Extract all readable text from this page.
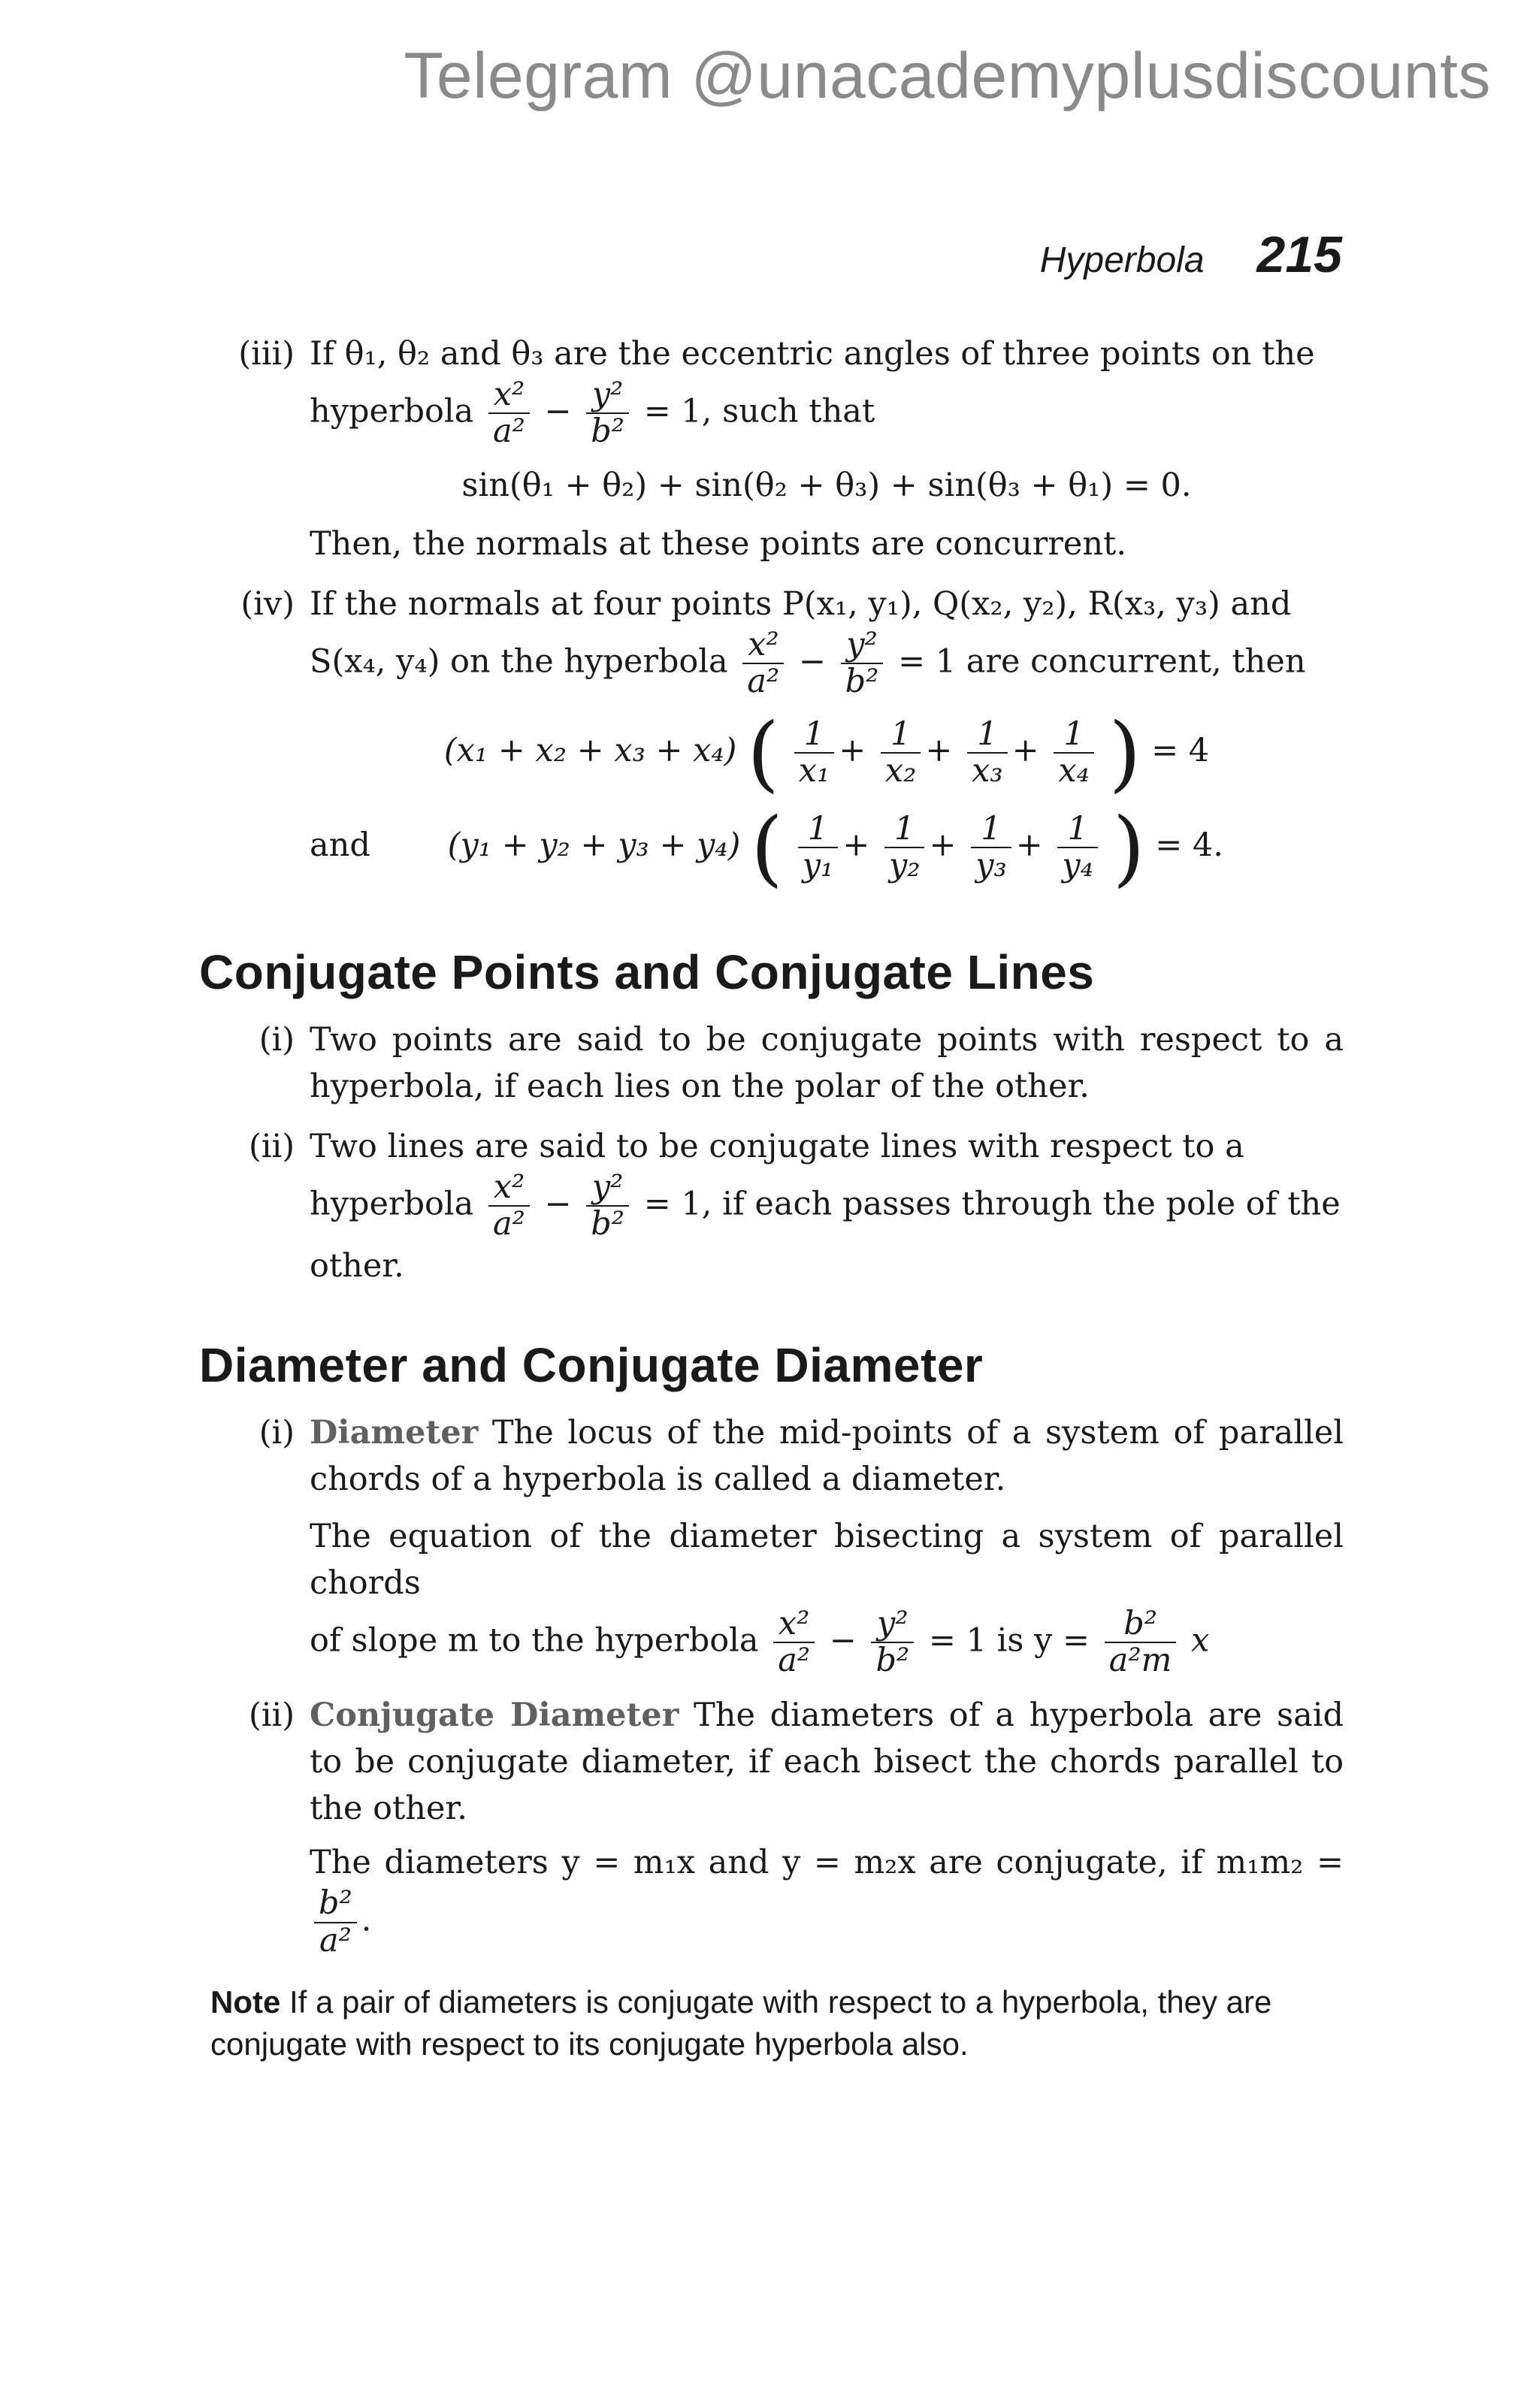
Telegram @unacademyplusdiscounts
Hyperbola 215
(iii) If θ₁, θ₂ and θ₃ are the eccentric angles of three points on the
hyperbola $\frac{\text{x²}}{\text{a²}} - \frac{\text{y²}}{\text{b²}} = 1$, such that
sin(θ₁ + θ₂) + sin(θ₂ + θ₃) + sin(θ₃ + θ₁) = 0.
Then, the normals at these points are concurrent.
(iv) If the normals at four points P(x₁, y₁), Q(x₂, y₂), R(x₃, y₃) and
S(x₄, y₄) on the hyperbola $\frac{\text{x²}}{\text{a²}} - \frac{\text{y²}}{\text{b²}} = 1$ are concurrent, then
(x₁ + x₂ + x₃ + x₄) ( $\frac{1}{\text{x₁}} + \frac{1}{\text{x₂}} + \frac{1}{\text{x₃}} + \frac{1}{\text{x₄}}$ ) = 4
and (y₁ + y₂ + y₃ + y₄) ( $\frac{1}{\text{y₁}} + \frac{1}{\text{y₂}} + \frac{1}{\text{y₃}} + \frac{1}{\text{y₄}}$ ) = 4.
Conjugate Points and Conjugate Lines
(i) Two points are said to be conjugate points with respect to a hyperbola, if each lies on the polar of the other.
(ii) Two lines are said to be conjugate lines with respect to a
hyperbola $\frac{\text{x²}}{\text{a²}} - \frac{\text{y²}}{\text{b²}} = 1$, if each passes through the pole of the
other.
Diameter and Conjugate Diameter
(i) Diameter The locus of the mid-points of a system of parallel chords of a hyperbola is called a diameter.
The equation of the diameter bisecting a system of parallel chords
of slope m to the hyperbola $\frac{\text{x²}}{\text{a²}} - \frac{\text{y²}}{\text{b²}} = 1$ is $y = \frac{\text{b²}}{\text{a²m}}$ x
(ii) Conjugate Diameter The diameters of a hyperbola are said to be conjugate diameter, if each bisect the chords parallel to the other.
The diameters y = m₁x and y = m₂x are conjugate, if m₁m₂ =
$\frac{\text{b²}}{\text{a²}}$ .
Note If a pair of diameters is conjugate with respect to a hyperbola, they are conjugate with respect to its conjugate hyperbola also.
